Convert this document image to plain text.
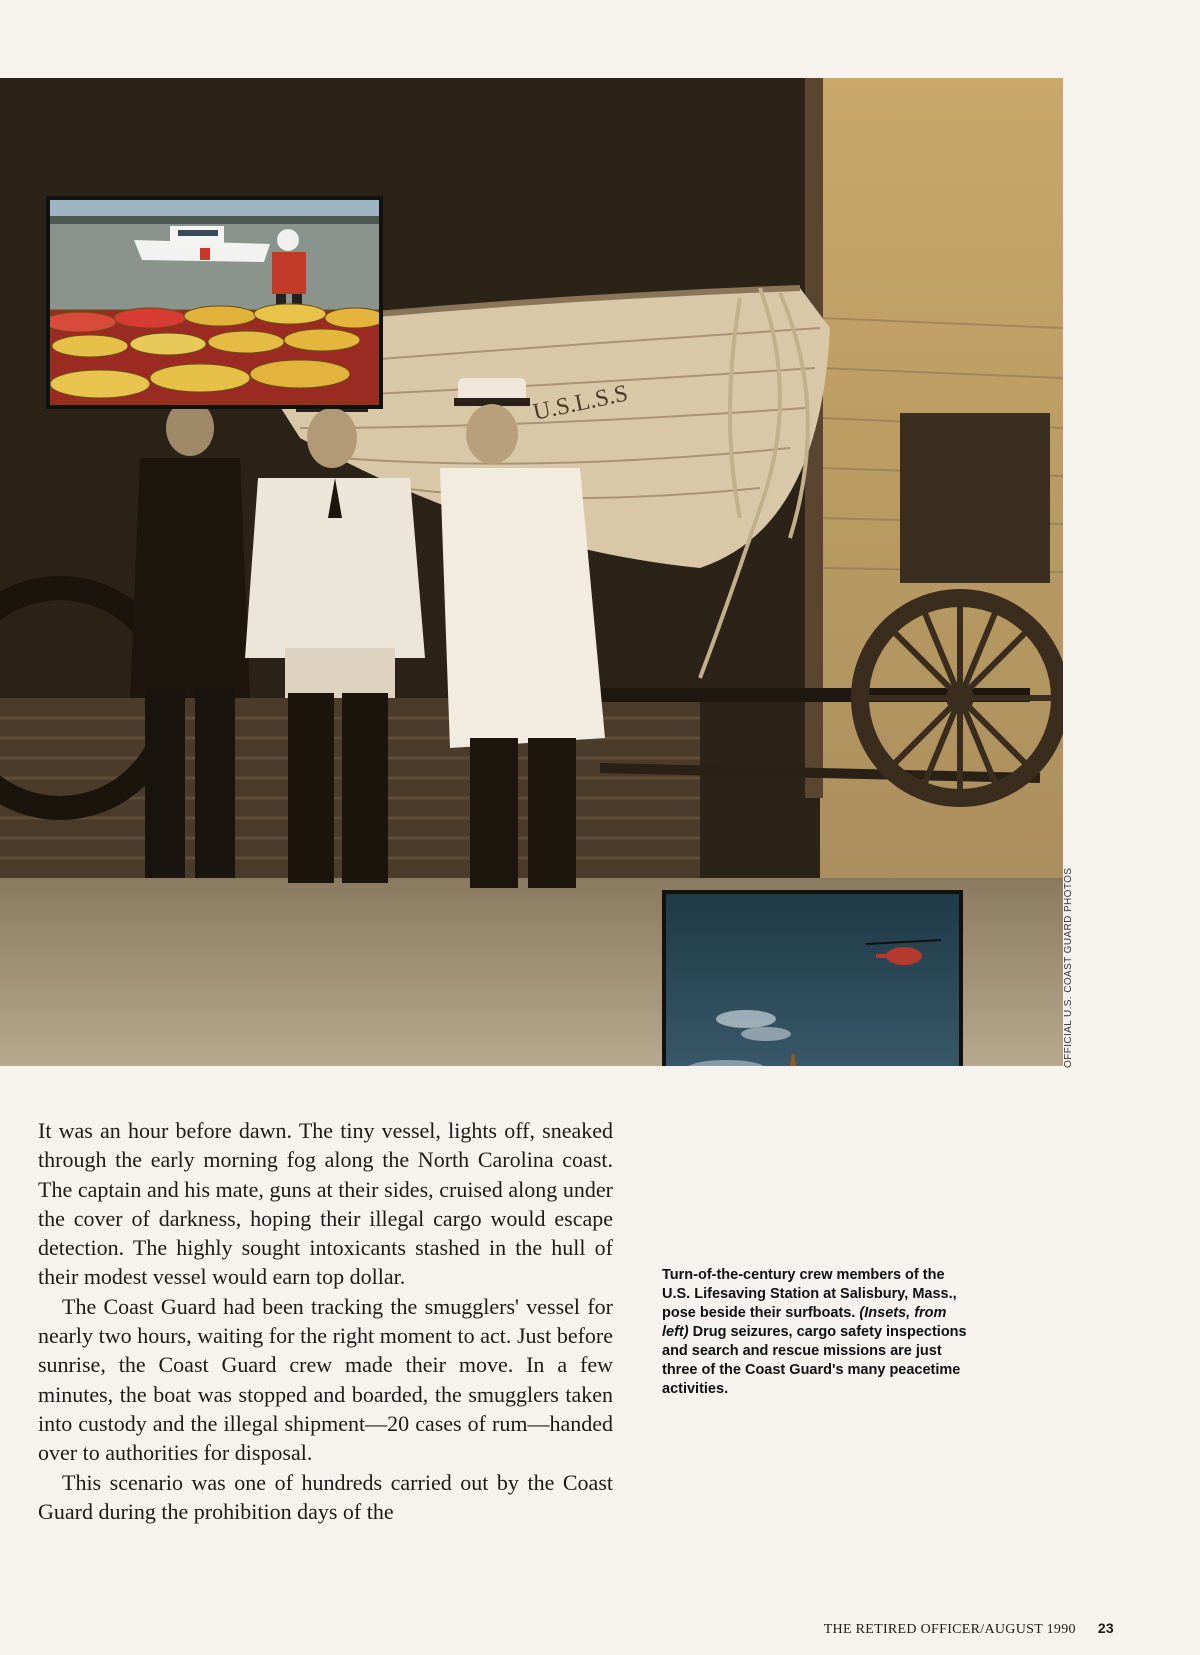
U.S.L.S.S
OFFICIAL U.S. COAST GUARD PHOTOS

It was an hour before dawn. The tiny vessel, lights off, sneaked through the early morning fog along the North Carolina coast. The captain and his mate, guns at their sides, cruised along under the cover of darkness, hoping their illegal cargo would escape detection. The highly sought intoxicants stashed in the hull of their modest vessel would earn top dollar.

The Coast Guard had been tracking the smugglers' vessel for nearly two hours, waiting for the right moment to act. Just before sunrise, the Coast Guard crew made their move. In a few minutes, the boat was stopped and boarded, the smugglers taken into custody and the illegal shipment—20 cases of rum—handed over to authorities for disposal.

This scenario was one of hundreds carried out by the Coast Guard during the prohibition days of the

Turn-of-the-century crew members of the U.S. Lifesaving Station at Salisbury, Mass., pose beside their surfboats. (Insets, from left) Drug seizures, cargo safety inspections and search and rescue missions are just three of the Coast Guard's many peacetime activities.
THE RETIRED OFFICER/AUGUST 1990 23
